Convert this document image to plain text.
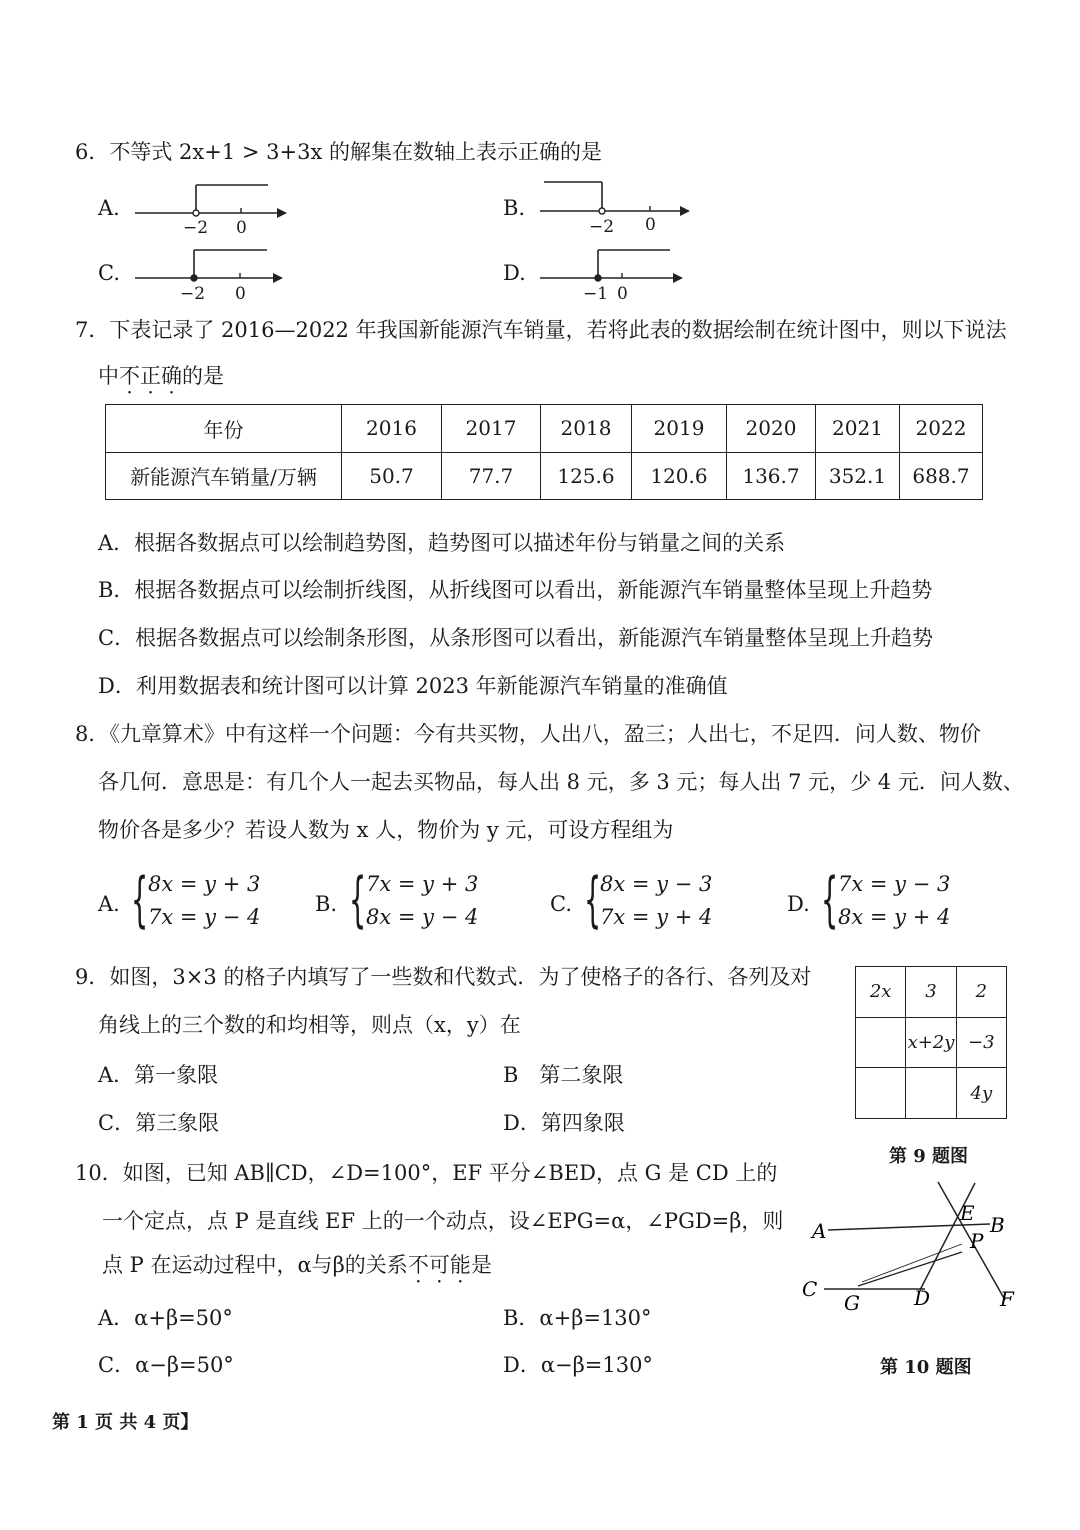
6．不等式 2x+1 > 3+3x 的解集在数轴上表示正确的是
A.
−2 0
B.
−2 0
C.
−2 0
D.
−1 0
7．下表记录了 2016—2022 年我国新能源汽车销量，若将此表的数据绘制在统计图中，则以下说法
中不正确的是
年份	2016	2017	2018	2019	2020	2021	2022
新能源汽车销量/万辆	50.7	77.7	125.6	120.6	136.7	352.1	688.7
A．根据各数据点可以绘制趋势图，趋势图可以描述年份与销量之间的关系
B．根据各数据点可以绘制折线图，从折线图可以看出，新能源汽车销量整体呈现上升趋势
C．根据各数据点可以绘制条形图，从条形图可以看出，新能源汽车销量整体呈现上升趋势
D．利用数据表和统计图可以计算 2023 年新能源汽车销量的准确值
8．《九章算术》中有这样一个问题：今有共买物，人出八，盈三；人出七，不足四．问人数、物价
各几何．意思是：有几个人一起去买物品，每人出 8 元，多 3 元；每人出 7 元，少 4 元．问人数、
物价各是多少？若设人数为 x 人，物价为 y 元，可设方程组为
A. { 8x = y + 3
7x = y − 4
B. { 7x = y + 3
8x = y − 4
C. {
8x = y − 3
7x = y + 4
D. { 7x = y − 3
8x = y + 4
9．如图，3×3 的格子内填写了一些数和代数式．为了使格子的各行、各列及对
角线上的三个数的和均相等，则点（x，y）在
A．第一象限	B　第二象限
C．第三象限	D．第四象限
2x	3	2
	x+2y	−3
		4y
第 9 题图
10．如图，已知 AB∥CD，∠D=100°，EF 平分∠BED，点 G 是 CD 上的
一个定点，点 P 是直线 EF 上的一个动点，设∠EPG=α，∠PGD=β，则
点 P 在运动过程中，α与β的关系不可能是
A．α+β=50°	B．α+β=130°
C．α−β=50°	D．α−β=130°
A	B
C	D
E
F
G
P
第 10 题图
第 1 页 共 4 页】
